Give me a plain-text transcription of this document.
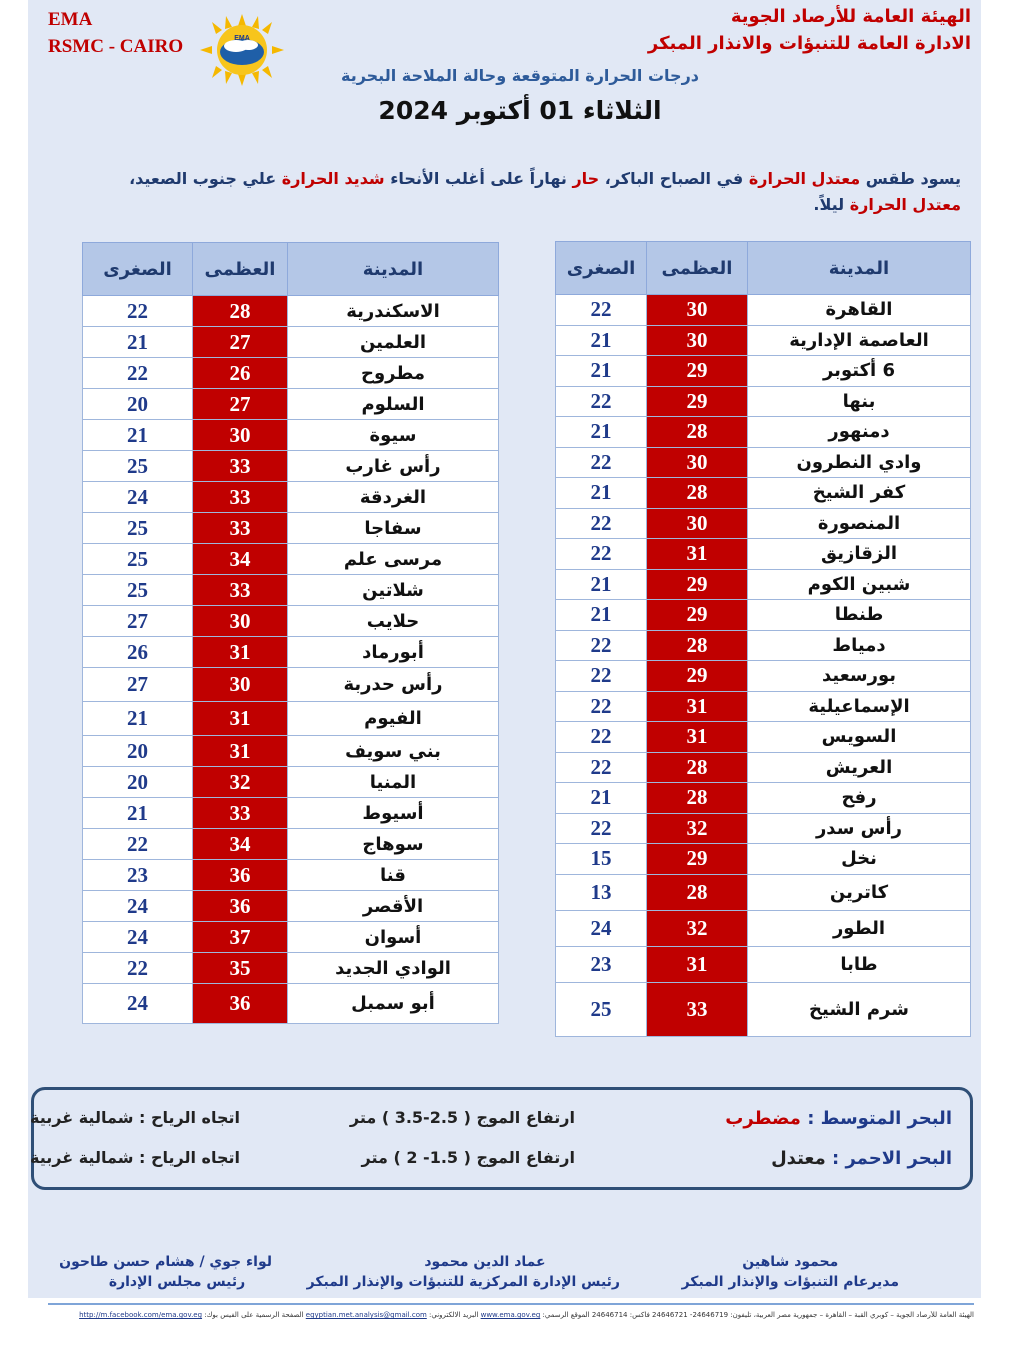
EMA
RSMC - CAIRO	EMA
الهيئة العامة للأرصاد الجوية
الادارة العامة للتنبؤات والانذار المبكر
درجات الحرارة المتوقعة وحالة الملاحة البحرية
الثلاثاء 01 أكتوبر 2024
يسود طقس معتدل الحرارة في الصباح الباكر، حار نهاراً على أغلب الأنحاء شديد الحرارة علي جنوب الصعيد،
معتدل الحرارة ليلاً.
المدينة	العظمى	الصغرى
القاهرة	30	22
العاصمة الإدارية	30	21
6 أكتوبر	29	21
بنها	29	22
دمنهور	28	21
وادي النطرون	30	22
كفر الشيخ	28	21
المنصورة	30	22
الزقازيق	31	22
شبين الكوم	29	21
طنطا	29	21
دمياط	28	22
بورسعيد	29	22
الإسماعيلية	31	22
السويس	31	22
العريش	28	22
رفح	28	21
رأس سدر	32	22
نخل	29	15
كاترين	28	13
الطور	32	24
طابا	31	23
شرم الشيخ	33	25
المدينة	العظمى	الصغرى
الاسكندرية	28	22
العلمين	27	21
مطروح	26	22
السلوم	27	20
سيوة	30	21
رأس غارب	33	25
الغردقة	33	24
سفاجا	33	25
مرسى علم	34	25
شلاتين	33	25
حلايب	30	27
أبورماد	31	26
رأس حدربة	30	27
الفيوم	31	21
بني سويف	31	20
المنيا	32	20
أسيوط	33	21
سوهاج	34	22
قنا	36	23
الأقصر	36	24
أسوان	37	24
الوادي الجديد	35	22
أبو سمبل	36	24
البحر المتوسط : مضطرب
ارتفاع الموج ( 2.5-3.5 ) متر
اتجاه الرياح : شمالية غربية
البحر الاحمر : معتدل
ارتفاع الموج ( 1.5- 2 ) متر
اتجاه الرياح : شمالية غربية
محمود شاهين
مديرعام التنبؤات والإنذار المبكر
عماد الدين محمود
رئيس الإدارة المركزية للتنبؤات والإنذار المبكر
لواء جوي / هشام حسن طاحون
رئيس مجلس الإدارة
الهيئة العامة للأرصاد الجوية – كوبري القبة – القاهرة – جمهورية مصر العربية، تليفون: 24646719- 24646721 فاكس: 24646714 الموقع الرسمي: www.ema.gov.eg البريد الالكتروني: egyptian.met.analysis@gmail.com الصفحة الرسمية على الفيس بوك: http://m.facebook.com/ema.gov.eg
